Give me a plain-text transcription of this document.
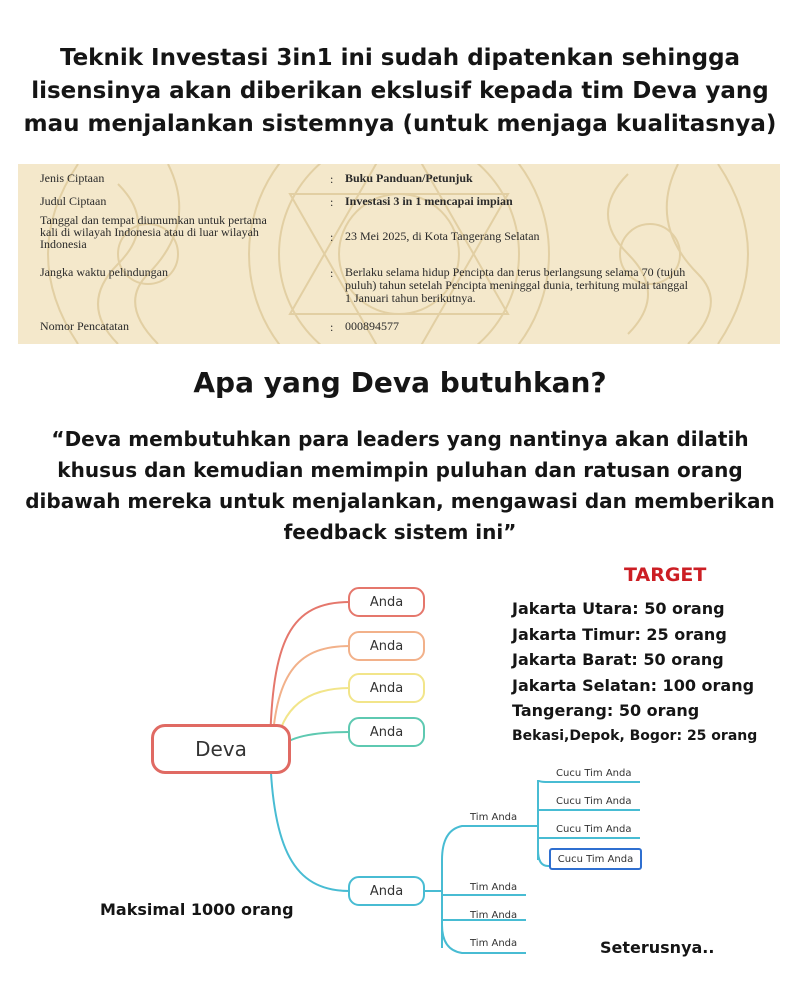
Teknik Investasi 3in1 ini sudah dipatenkan sehingga
lisensinya akan diberikan ekslusif kepada tim Deva yang
mau menjalankan sistemnya (untuk menjaga kualitasnya)
Jenis Ciptaan	: Buku Panduan/Petunjuk
Judul Ciptaan	: Investasi 3 in 1 mencapai impian
Tanggal dan tempat diumumkan untuk pertama
kali di wilayah Indonesia atau di luar wilayah
Indonesia	: 23 Mei 2025, di Kota Tangerang Selatan
Jangka waktu pelindungan	: Berlaku selama hidup Pencipta dan terus berlangsung selama 70 (tujuh
puluh) tahun setelah Pencipta meninggal dunia, terhitung mulai tanggal
1 Januari tahun berikutnya.
Nomor Pencatatan	: 000894577
Apa yang Deva butuhkan?
“Deva membutuhkan para leaders yang nantinya akan dilatih
khusus dan kemudian memimpin puluhan dan ratusan orang
dibawah mereka untuk menjalankan, mengawasi dan memberikan
feedback sistem ini”
Deva
Anda
Anda
Anda
Anda
Anda
Tim Anda
Cucu Tim Anda
Cucu Tim Anda
Cucu Tim Anda
Cucu Tim Anda
Tim Anda
Tim Anda
Tim Anda
TARGET
Jakarta Utara: 50 orang
Jakarta Timur: 25 orang
Jakarta Barat: 50 orang
Jakarta Selatan: 100 orang
Tangerang: 50 orang
Bekasi,Depok, Bogor: 25 orang
Maksimal 1000 orang
Seterusnya..
